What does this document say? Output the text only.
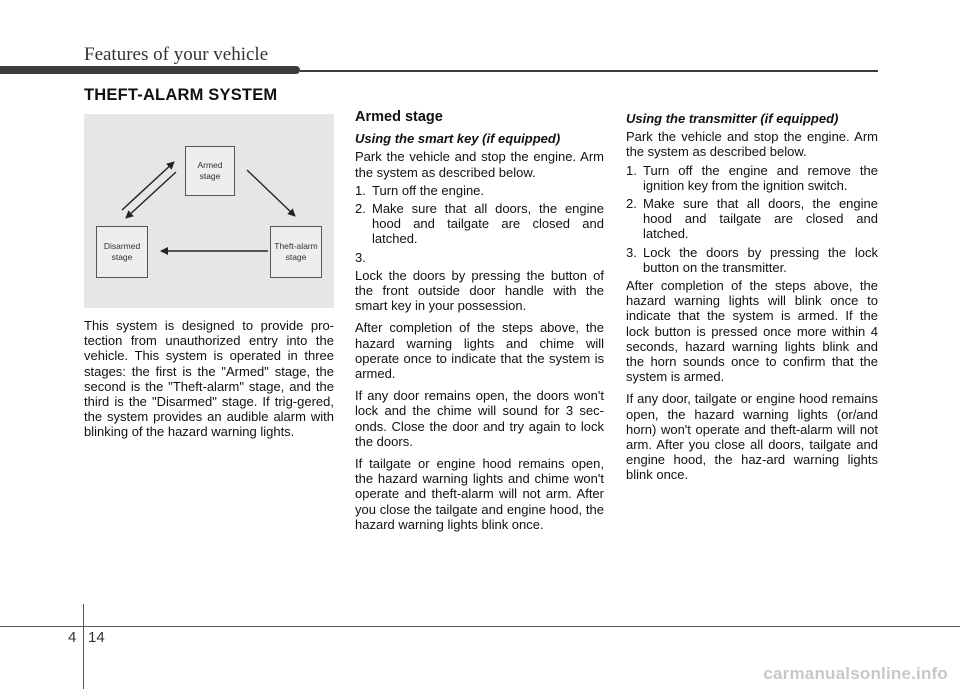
Features of your vehicle
THEFT-ALARM SYSTEM
Armed
stage
Disarmed
stage
Theft-alarm
stage

This system is designed to provide pro-tection from unauthorized entry into the vehicle. This system is operated in three stages: the first is the "Armed" stage, the second is the "Theft-alarm" stage, and the third is the "Disarmed" stage. If trig-gered, the system provides an audible alarm with blinking of the hazard warning lights.

Armed stage
Using the smart key (if equipped)

Park the vehicle and stop the engine. Arm the system as described below.

1. Turn off the engine.
2. Make sure that all doors, the engine hood and tailgate are closed and latched.
3.

Lock the doors by pressing the button of the front outside door handle with the smart key in your possession.

After completion of the steps above, the hazard warning lights and chime will operate once to indicate that the system is armed.

If any door remains open, the doors won't lock and the chime will sound for 3 sec-onds. Close the door and try again to lock the doors.

If tailgate or engine hood remains open, the hazard warning lights and chime won't operate and theft-alarm will not arm. After you close the tailgate and engine hood, the hazard warning lights blink once.

Using the transmitter (if equipped)

Park the vehicle and stop the engine. Arm the system as described below.

1. Turn off the engine and remove the ignition key from the ignition switch.
2. Make sure that all doors, the engine hood and tailgate are closed and latched.
3. Lock the doors by pressing the lock button on the transmitter.

After completion of the steps above, the hazard warning lights will blink once to indicate that the system is armed. If the lock button is pressed once more within 4 seconds, hazard warning lights blink and the horn sounds once to confirm that the system is armed.

If any door, tailgate or engine hood remains open, the hazard warning lights (or/and horn) won't operate and theft-alarm will not arm. After you close all doors, tailgate and engine hood, the haz-ard warning lights blink once.

4 14
carmanualsonline.info
